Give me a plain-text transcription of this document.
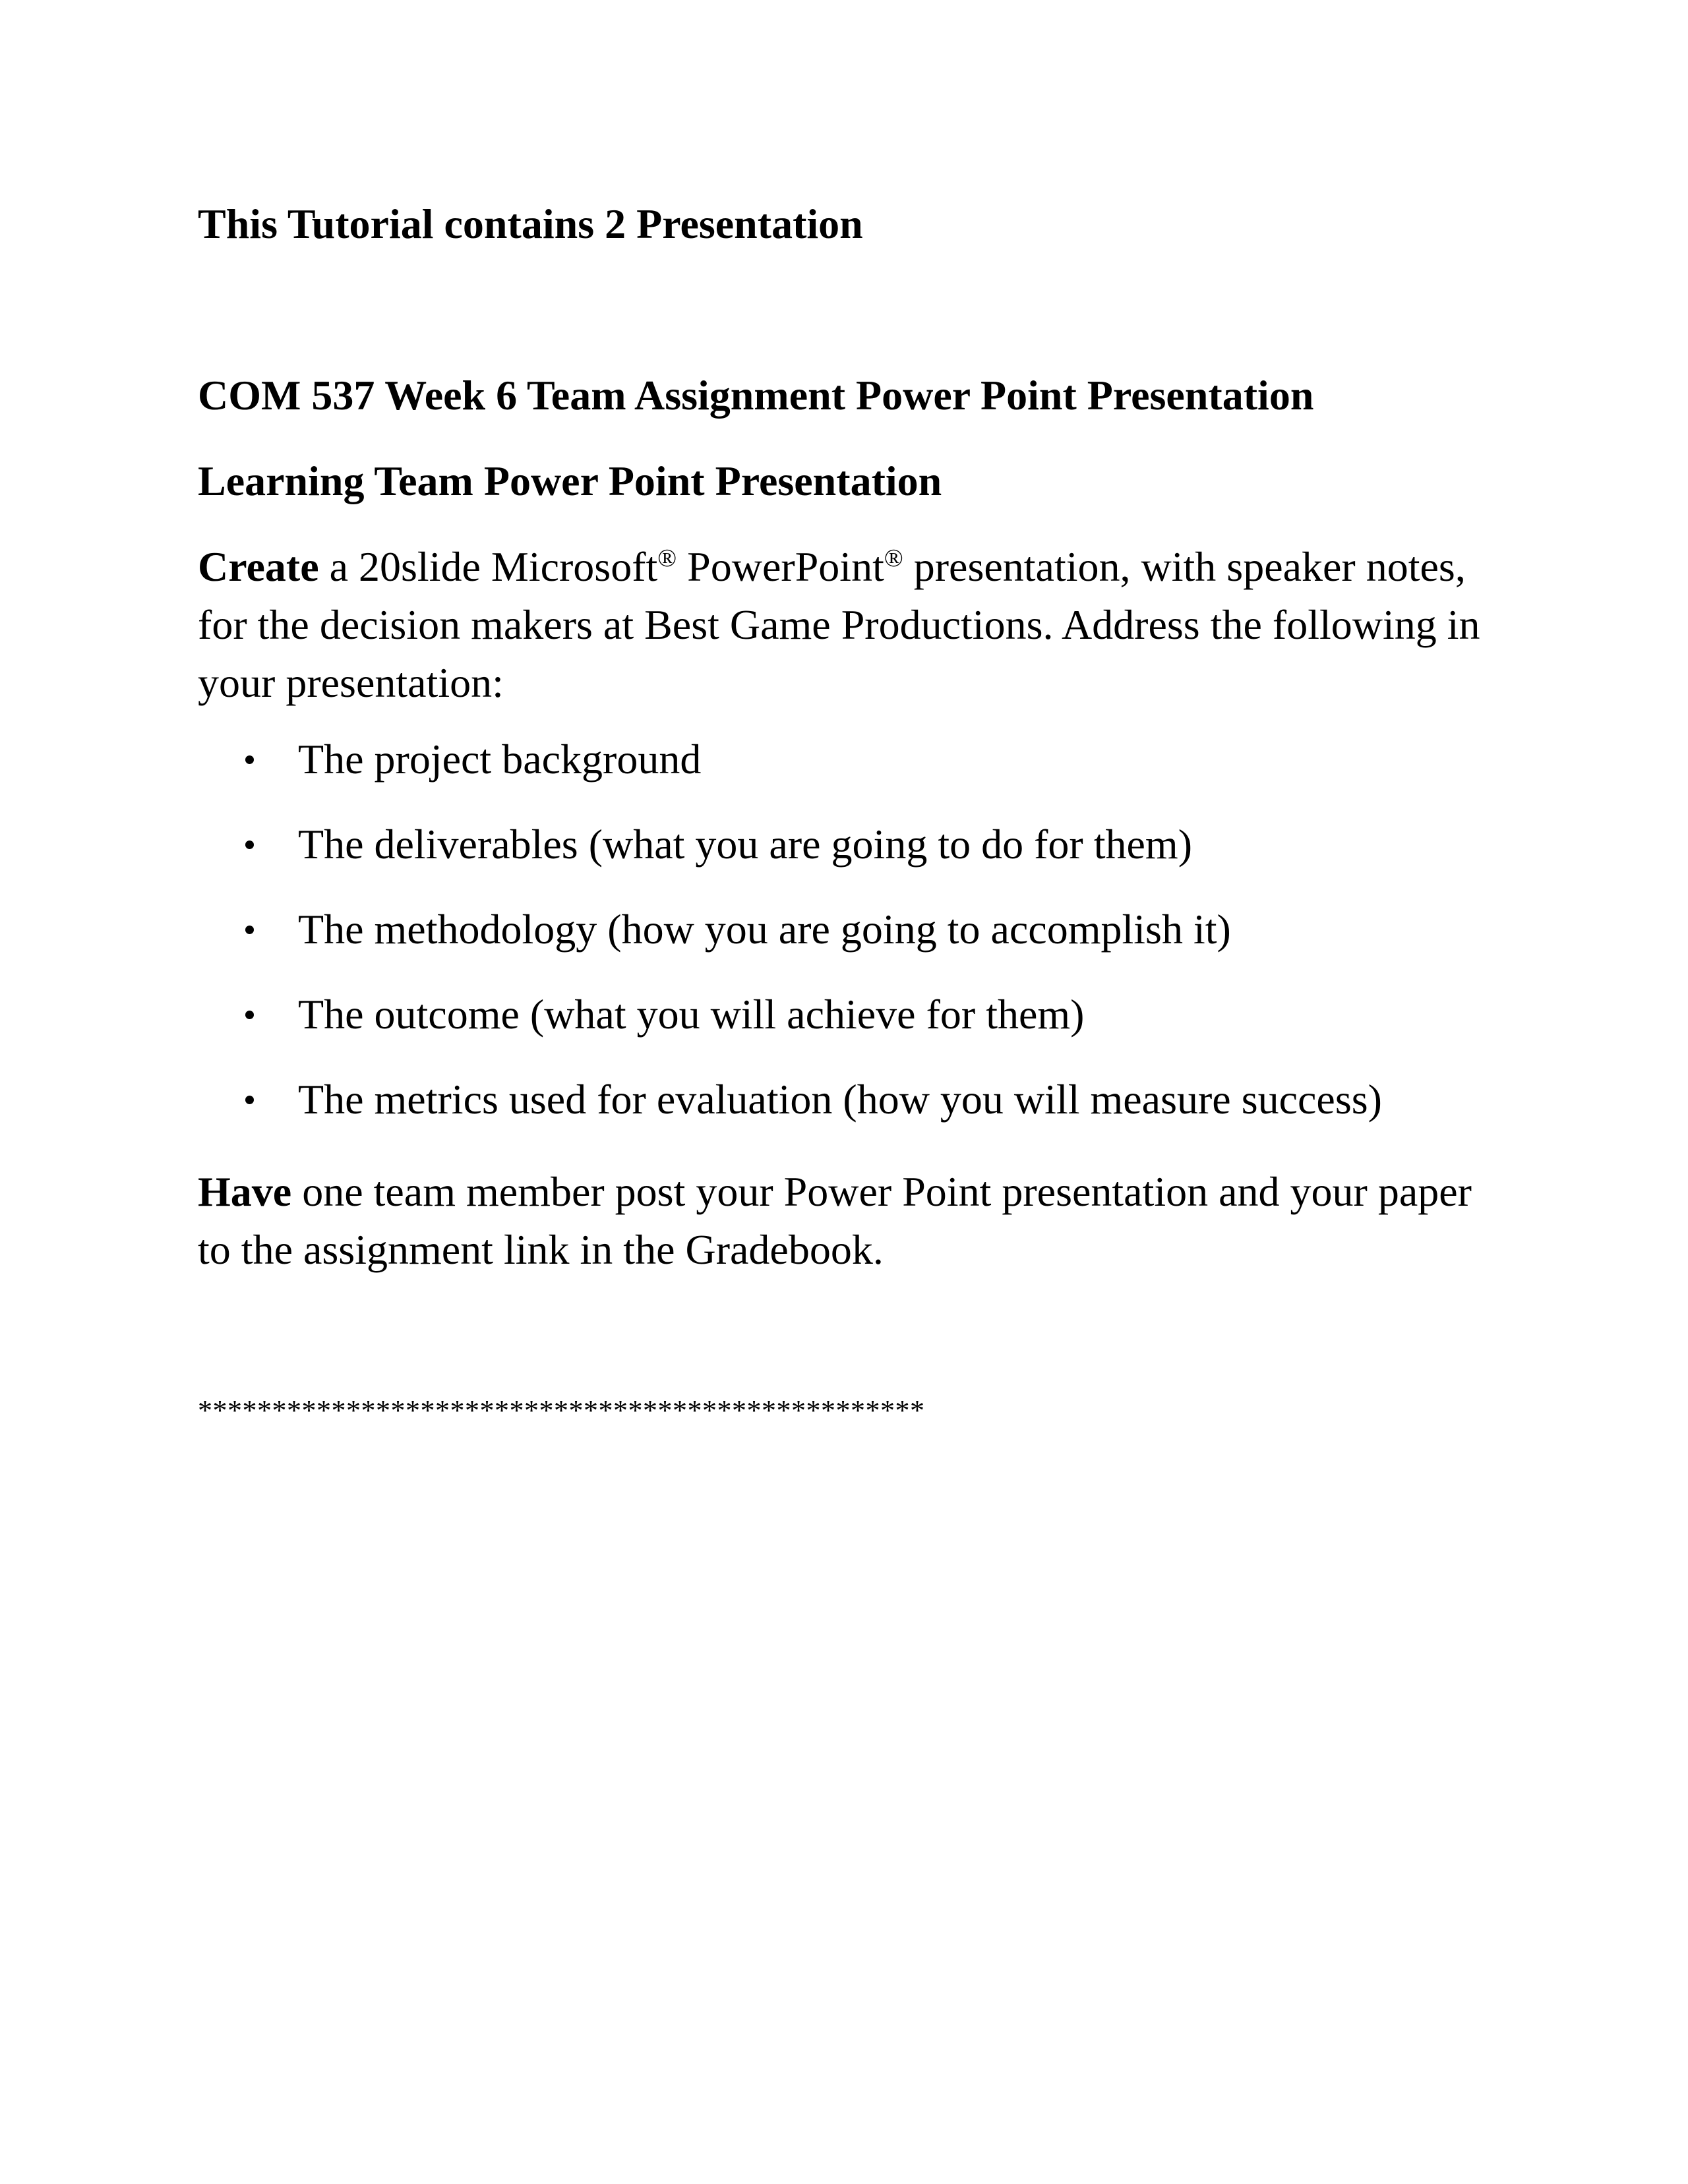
This Tutorial contains 2 Presentation
COM 537 Week 6 Team Assignment Power Point Presentation
Learning Team Power Point Presentation

Create a 20slide Microsoft® PowerPoint® presentation, with speaker notes, for the decision makers at Best Game Productions. Address the following in your presentation:

The project background
The deliverables (what you are going to do for them)
The methodology (how you are going to accomplish it)
The outcome (what you will achieve for them)
The metrics used for evaluation (how you will measure success)

Have one team member post your Power Point presentation and your paper to the assignment link in the Gradebook.

*************************************************
